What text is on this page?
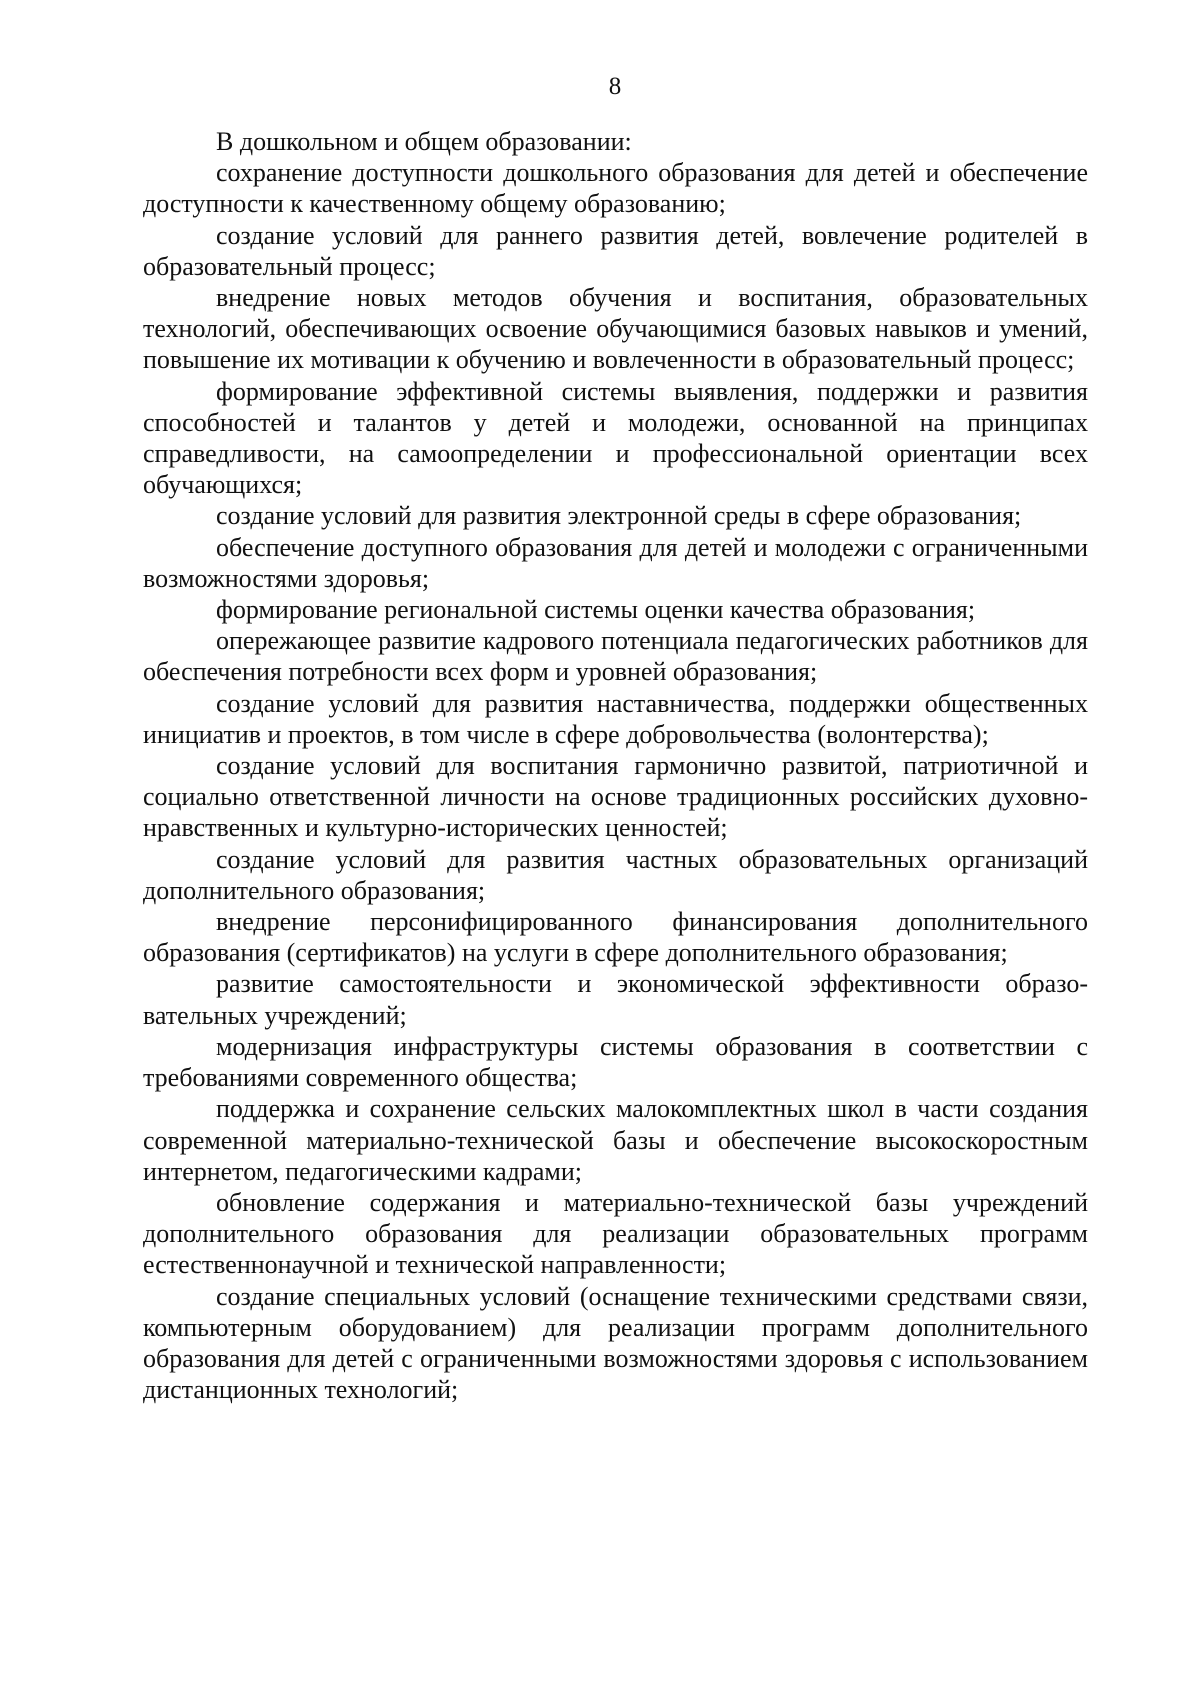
8

В дошкольном и общем образовании:

сохранение доступности дошкольного образования для детей и обеспечение доступности к качественному общему образованию;

создание условий для раннего развития детей, вовлечение родителей в образовательный процесс;

внедрение новых методов обучения и воспитания, образовательных технологий, обеспечивающих освоение обучающимися базовых навыков и умений, повышение их мотивации к обучению и вовлеченности в образовательный процесс;

формирование эффективной системы выявления, поддержки и развития способностей и талантов у детей и молодежи, основанной на принципах справедливости, на самоопределении и профессиональной ориентации всех обучающихся;

создание условий для развития электронной среды в сфере образования;

обеспечение доступного образования для детей и молодежи с ограниченными возможностями здоровья;

формирование региональной системы оценки качества образования;

опережающее развитие кадрового потенциала педагогических работников для обеспечения потребности всех форм и уровней образования;

создание условий для развития наставничества, поддержки общественных инициатив и проектов, в том числе в сфере добровольчества (волонтерства);

создание условий для воспитания гармонично развитой, патриотичной и социально ответственной личности на основе традиционных российских духовно-нравственных и культурно-исторических ценностей;

создание условий для развития частных образовательных организаций дополнительного образования;

внедрение персонифицированного финансирования дополнительного образования (сертификатов) на услуги в сфере дополнительного образования;

развитие самостоятельности и экономической эффективности образовательных учреждений;

модернизация инфраструктуры системы образования в соответствии с требованиями современного общества;

поддержка и сохранение сельских малокомплектных школ в части создания современной материально-технической базы и обеспечение высокоскоростным интернетом, педагогическими кадрами;

обновление содержания и материально-технической базы учреждений дополнительного образования для реализации образовательных программ естественнонаучной и технической направленности;

создание специальных условий (оснащение техническими средствами связи, компьютерным оборудованием) для реализации программ дополнительного образования для детей с ограниченными возможностями здоровья с использованием дистанционных технологий;
